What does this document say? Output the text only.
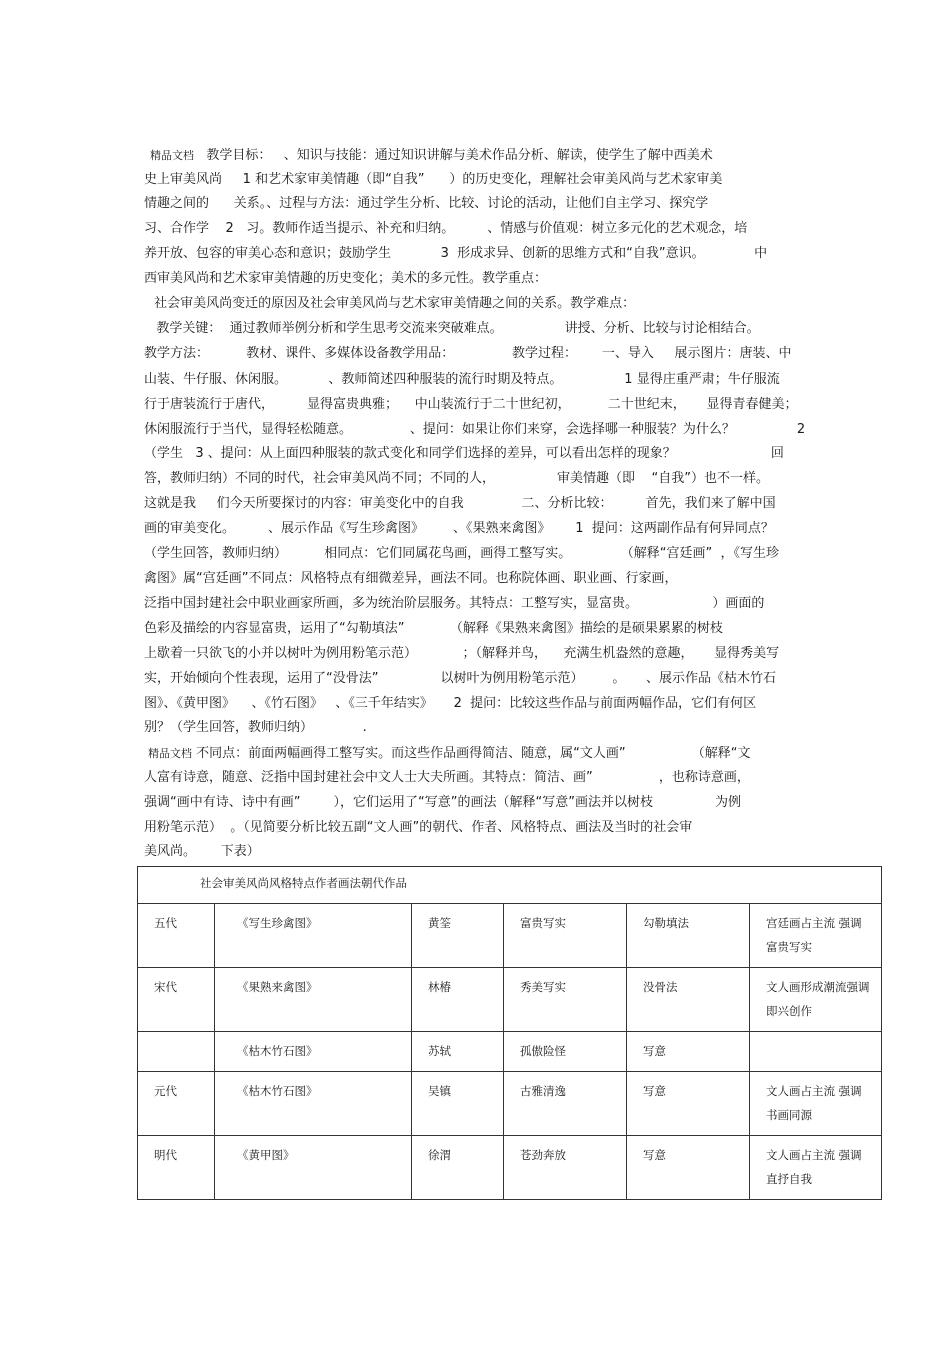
精品文档   教学目标：   、知识与技能：通过知识讲解与美术作品分析、解读，使学生了解中西美术
史上审美风尚     1 和艺术家审美情趣（即“自我”      ）的历史变化，理解社会审美风尚与艺术家审美
情趣之间的      关系。、过程与方法：通过学生分析、比较、讨论的活动，让他们自主学习、探究学
习、合作学    2   习。教师作适当提示、补充和归纳。        、情感与价值观：树立多元化的艺术观念，培
养开放、包容的审美心态和意识；鼓励学生            3  形成求异、创新的思维方式和“自我”意识。            中
西审美风尚和艺术家审美情趣的历史变化；美术的多元性。教学重点：
社会审美风尚变迁的原因及社会审美风尚与艺术家审美情趣之间的关系。教学难点：
教学关键：  通过教师举例分析和学生思考交流来突破难点。               讲授、分析、比较与讨论相结合。
教学方法：         教材、课件、多媒体设备教学用品：              教学过程：      一、导入     展示图片：唐装、中
山装、牛仔服、休闲服。          、教师简述四种服装的流行时期及特点。               1 显得庄重严肃；牛仔服流
行于唐装流行于唐代，        显得富贵典雅；    中山装流行于二十世纪初，         二十世纪末，     显得青春健美；
休闲服流行于当代，显得轻松随意。              、提问：如果让你们来穿，会选择哪一种服装？为什么？               2
（学生   3 、提问：从上面四种服装的款式变化和同学们选择的差异，可以看出怎样的现象？                       回
答，教师归纳）不同的时代，社会审美风尚不同；不同的人，               审美情趣（即    “自我”）也不一样。
这就是我     们今天所要探讨的内容：审美变化中的自我              二、分析比较：        首先，我们来了解中国
画的审美变化。        、展示作品《写生珍禽图》       、《果熟来禽图》      1  提问：这两副作品有何异同点？
（学生回答，教师归纳）         相同点：它们同属花鸟画，画得工整写实。            （解释“宫廷画”  ，《写生珍
禽图》属“宫廷画”不同点：风格特点有细微差异，画法不同。也称院体画、职业画、行家画，
泛指中国封建社会中职业画家所画，多为统治阶层服务。其特点：工整写实，显富贵。                  ）画面的
色彩及描绘的内容显富贵，运用了“勾勒填法”           （解释《果熟来禽图》描绘的是硕果累累的树枝
上歇着一只欲飞的小并以树叶为例用粉笔示范）           ；（解释并鸟，    充满生机盎然的意趣，     显得秀美写
实，开始倾向个性表现，运用了“没骨法”               以树叶为例用粉笔示范）       。     、展示作品《枯木竹石
图》、《黄甲图》    、《竹石图》   、《三千年结实》     2  提问：比较这些作品与前面两幅作品，它们有何区
别？（学生回答，教师归纳）            .
精品文档 不同点：前面两幅画得工整写实。而这些作品画得简洁、随意，属“文人画”                （解释“文
人富有诗意，随意、泛指中国封建社会中文人士大夫所画。其特点：简洁、画”                ，也称诗意画，
强调“画中有诗、诗中有画”        ），它们运用了“写意”的画法（解释“写意”画法并以树枝               为例
用粉笔示范）  。（见简要分析比较五副“文人画”的朝代、作者、风格特点、画法及当时的社会审
美风尚。      下表）
社会审美风尚风格特点作者画法朝代作品					
五代	《写生珍禽图》	黄筌	富贵写实	勾勒填法	宫廷画占主流 强调富贵写实
宋代	《果熟来禽图》	林椿	秀美写实	没骨法	文人画形成潮流强调即兴创作
	《枯木竹石图》	苏轼	孤傲险怪	写意	
元代	《枯木竹石图》	吴镇	古雅清逸	写意	文人画占主流 强调书画同源
明代	《黄甲图》	徐渭	苍劲奔放	写意	文人画占主流 强调直抒自我
